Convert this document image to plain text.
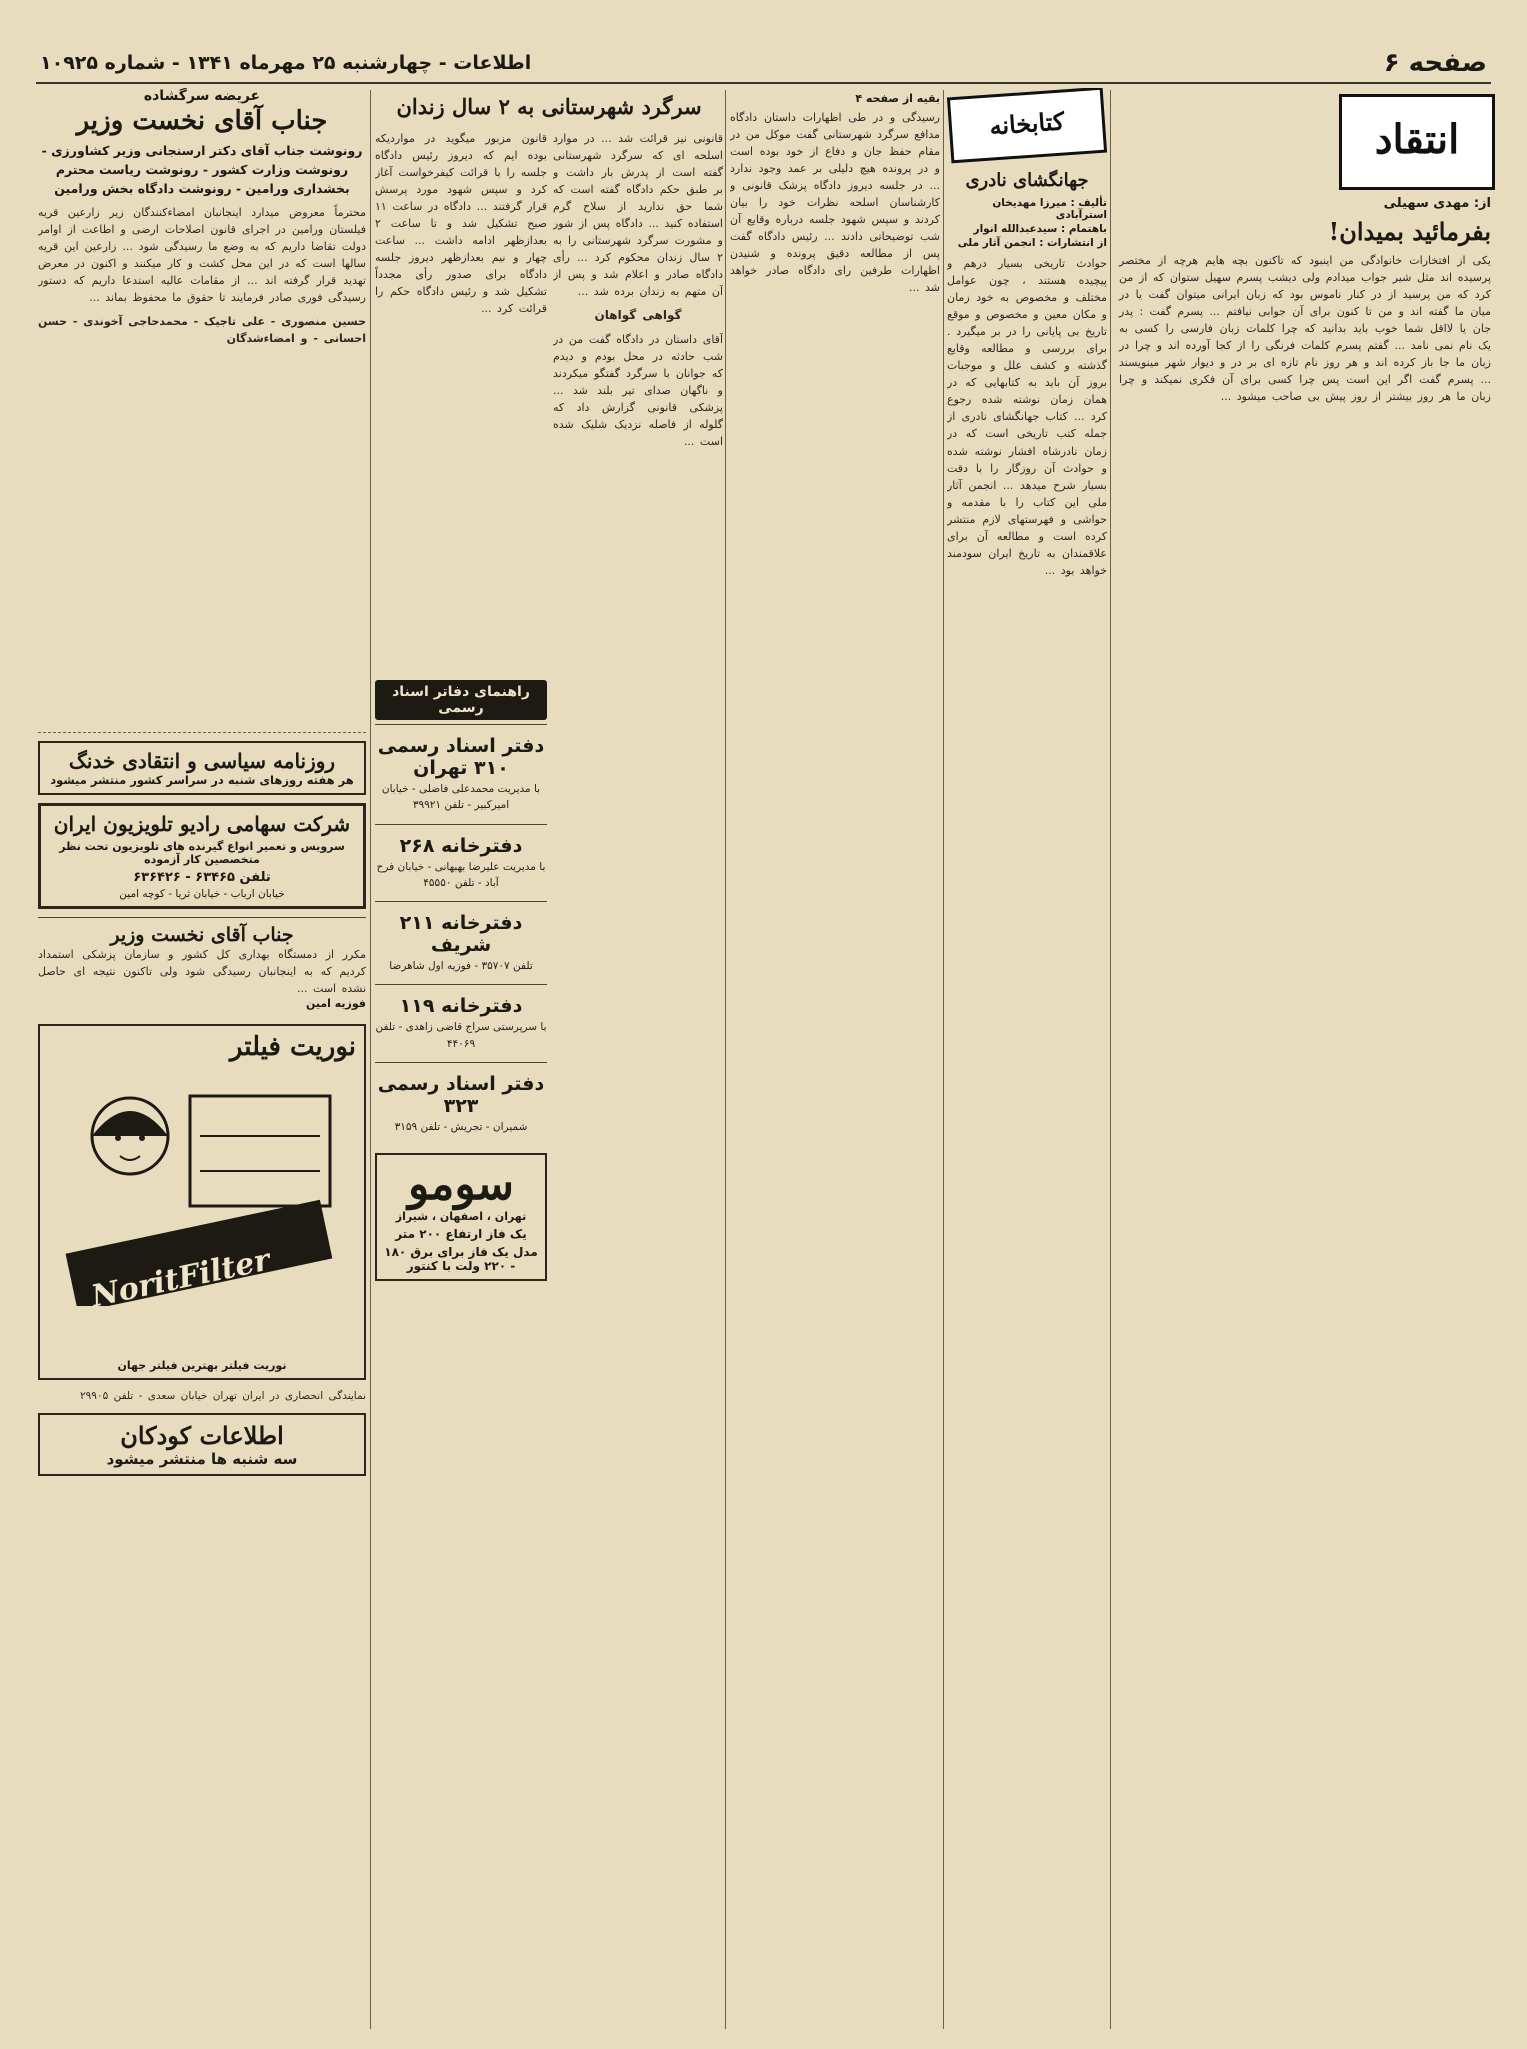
صفحه ۶
اطلاعات - چهارشنبه ۲۵ مهرماه ۱۳۴۱ - شماره ۱۰۹۲۵
انتقاد
از: مهدی سهیلی
بفرمائید بمیدان!

یکی از افتخارات خانوادگی من اینبود که تاکنون بچه هایم هرچه از مختصر پرسیده اند مثل شیر جواب میدادم ولی دیشب پسرم سهیل ستوان که از من کرد که من پرسید از در کنار ناموس بود که زبان ایرانی میتوان گفت یا در میان ما گفته اند و من تا کنون برای آن جوابی نیافتم ... پسرم گفت : پدر جان یا لااقل شما خوب باید بدانید که چرا کلمات زبان فارسی را کسی به یک نام نمی نامد ... گفتم پسرم کلمات فرنگی را از کجا آورده اند و چرا در زبان ما جا باز کرده اند و هر روز نام تازه ای بر در و دیوار شهر مینویسند ... پسرم گفت اگر این است پس چرا کسی برای آن فکری نمیکند و چرا زبان ما هر روز بیشتر از روز پیش بی صاحب میشود ...

کتابخانه
جهانگشای نادری
تألیف : میرزا مهدیخان استرآبادی
باهتمام : سیدعبدالله انوار
از انتشارات : انجمن آثار ملی

حوادث تاریخی بسیار درهم و پیچیده هستند ، چون عوامل مختلف و مخصوص به خود زمان و مکان معین و مخصوص و موقع تاریخ بی پایانی را در بر میگیرد . برای بررسی و مطالعه وقایع گذشته و کشف علل و موجبات بروز آن باید به کتابهایی که در همان زمان نوشته شده رجوع کرد ... کتاب جهانگشای نادری از جمله کتب تاریخی است که در زمان نادرشاه افشار نوشته شده و حوادث آن روزگار را با دقت بسیار شرح میدهد ... انجمن آثار ملی این کتاب را با مقدمه و حواشی و فهرستهای لازم منتشر کرده است و مطالعه آن برای علاقمندان به تاریخ ایران سودمند خواهد بود ...

بقیه از صفحه ۴

رسیدگی و در طی اظهارات داستان دادگاه مدافع سرگرد شهرستانی گفت موکل من در مقام حفظ جان و دفاع از خود بوده است و در پرونده هیچ دلیلی بر عمد وجود ندارد ... در جلسه دیروز دادگاه پزشک قانونی و کارشناسان اسلحه نظرات خود را بیان کردند و سپس شهود جلسه درباره وقایع آن شب توضیحاتی دادند ... رئیس دادگاه گفت پس از مطالعه دقیق پرونده و شنیدن اظهارات طرفین رای دادگاه صادر خواهد شد ...

سرگرد شهرستانی به ۲ سال زندان

قانونی نیز قرائت شد ... در موارد اسلحه ای که سرگرد شهرستانی گفته است از پدرش بار داشت و بر طبق حکم دادگاه گفته است که شما حق ندارید از سلاح گرم استفاده کنید ... دادگاه پس از شور و مشورت سرگرد شهرستانی را به ۲ سال زندان محکوم کرد ... رأی دادگاه صادر و اعلام شد و پس از آن متهم به زندان برده شد ...

گواهی گواهان

آقای داستان در دادگاه گفت من در شب حادثه در محل بودم و دیدم که جوانان با سرگرد گفتگو میکردند و ناگهان صدای تیر بلند شد ... پزشکی قانونی گزارش داد که گلوله از فاصله نزدیک شلیک شده است ...

قانون مزبور میگوید در مواردیکه بوده ایم که دیروز رئیس دادگاه جلسه را با قرائت کیفرخواست آغاز کرد و سپس شهود مورد پرسش قرار گرفتند ... دادگاه در ساعت ۱۱ صبح تشکیل شد و تا ساعت ۲ بعدازظهر ادامه داشت ... ساعت چهار و نیم بعدازظهر دیروز جلسه دادگاه برای صدور رأی مجدداً تشکیل شد و رئیس دادگاه حکم را قرائت کرد ...

راهنمای دفاتر اسناد رسمی
دفتر اسناد رسمی ۳۱۰ تهران
با مدیریت محمدعلی فاضلی - خیابان امیرکبیر - تلفن ۳۹۹۲۱
دفترخانه ۲۶۸
با مدیریت علیرضا بهبهانی - خیابان فرح آباد - تلفن ۴۵۵۵۰
دفترخانه ۲۱۱ شریف
تلفن ۳۵۷۰۷ - فوزیه اول شاهرضا
دفترخانه ۱۱۹
با سرپرستی سراج قاضی زاهدی - تلفن ۴۴۰۶۹
دفتر اسناد رسمی ۳۲۳
شمیران - تجریش - تلفن ۳۱۵۹
سومو
تهران ، اصفهان ، شیراز
یک فاز ارتفاع ۲۰۰ متر
مدل یک فاز برای برق ۱۸۰ - ۲۲۰ ولت با کنتور
عریضه سرگشاده
جناب آقای نخست وزیر
رونوشت جناب آقای دکتر ارسنجانی وزیر کشاورزی - رونوشت وزارت کشور - رونوشت ریاست محترم بخشداری ورامین - رونوشت دادگاه بخش ورامین

محترماً معروض میدارد اینجانبان امضاءکنندگان زیر زارعین قریه فیلستان ورامین در اجرای قانون اصلاحات ارضی و اطاعت از اوامر دولت تقاضا داریم که به وضع ما رسیدگی شود ... زارعین این قریه سالها است که در این محل کشت و کار میکنند و اکنون در معرض تهدید قرار گرفته اند ... از مقامات عالیه استدعا داریم که دستور رسیدگی فوری صادر فرمایند تا حقوق ما محفوظ بماند ...

حسین منصوری - علی تاجیک - محمدحاجی آخوندی - حسن احسانی - و امضاءشدگان

روزنامه سیاسی و انتقادی خدنگ
هر هفته روزهای شنبه در سراسر کشور منتشر میشود
شرکت سهامی رادیو تلویزیون ایران
سرویس و تعمیر انواع گیرنده های تلویزیون تحت نظر متخصصین کار آزموده
تلفن ۶۳۴۶۵ - ۶۳۶۴۲۶
خیابان ارباب - خیابان ثریا - کوچه امین
جناب آقای نخست وزیر
مکرر از دمستگاه بهداری کل کشور و سازمان پزشکی استمداد کردیم که به اینجانبان رسیدگی شود ولی تاکنون نتیجه ای حاصل نشده است ...
فوزیه امین
نوریت فیلتر
NoritFilter
نوریت فیلتر بهترین فیلتر جهان
نمایندگی انحصاری در ایران تهران خیابان سعدی - تلفن ۲۹۹۰۵
اطلاعات کودکان
سه شنبه ها منتشر میشود
